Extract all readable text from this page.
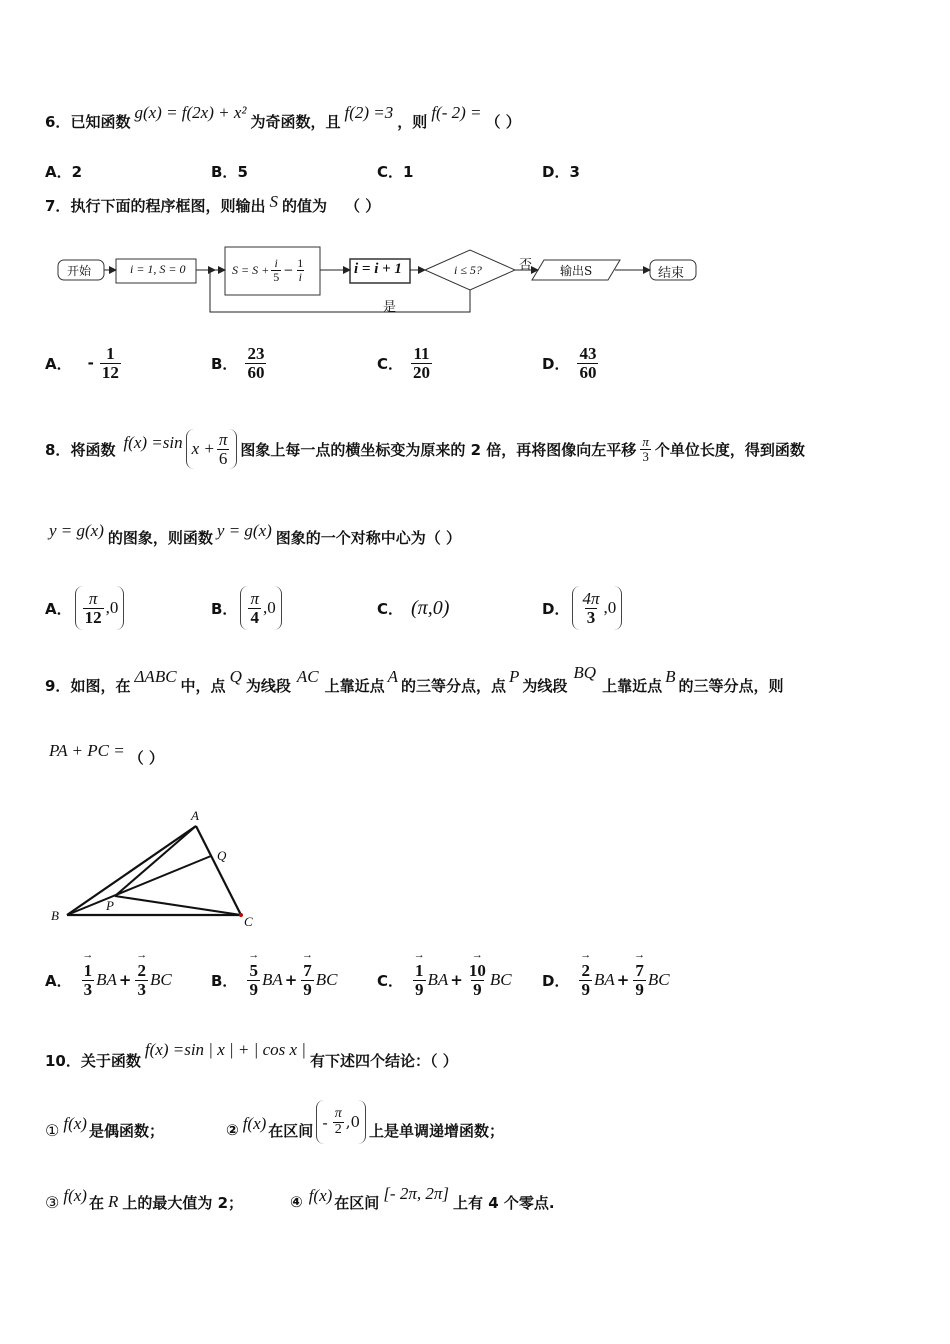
6． 已知函数 g(x) = f(2x) + x² 为奇函数，且 f(2) =3 ，则 f(- 2) = （ ）
A． 2	B． 5	C． 1	D． 3
7． 执行下面的程序框图，则输出 S 的值为 （ ）
开始	i = 1, S = 0	$S = S + \frac{i}{5} - \frac{1}{i}$	i = i + 1	i ≤ 5?	否
是
输出S	结束
A． - $\frac{1}{12}$	B． $\frac{23}{60}$	C． $\frac{11}{20}$	D． $\frac{43}{60}$
8． 将函数 f(x) =sin $x + \frac{\pi}{6}$ 图象上每一点的横坐标变为原来的 2 倍，再将图像向左平移 $\frac{\pi}{3}$ 个单位长度，得到函数
y = g(x) 的图象，则函数 y = g(x) 图象的一个对称中心为（ ）
A． $\frac{\pi}{12} ,0$	B． $\frac{\pi}{4} ,0$	C． (π,0)	D． $\frac{4\pi}{3} ,0$
9． 如图，在 ΔABC 中，点 Q 为线段 AC 上靠近点 A 的三等分点，点 P 为线段
BQ
上靠近点 B 的三等分点，则
PA + PC = （ ）
A
B	C
P
Q
A． → $\frac{1}{3}$ BA + → $\frac{2}{3}$ BC	B． → $\frac{5}{9}$ BA + → $\frac{7}{9}$ BC	C． → $\frac{1}{9}$ BA + → $\frac{10}{9}$ BC D． → $\frac{2}{9}$ BA + → $\frac{7}{9}$ BC
10． 关于函数
f(x) =sin | x | + | cos x |
有下述四个结论：（ ）
① f(x) 是偶函数；	② f(x) 在区间 - $\frac{\pi}{2} ,0$ 上是单调递增函数；
③ f(x) 在 R 上的最大值为 2；	④ f(x) 在区间 [- 2π, 2π] 上有 4 个零点.
